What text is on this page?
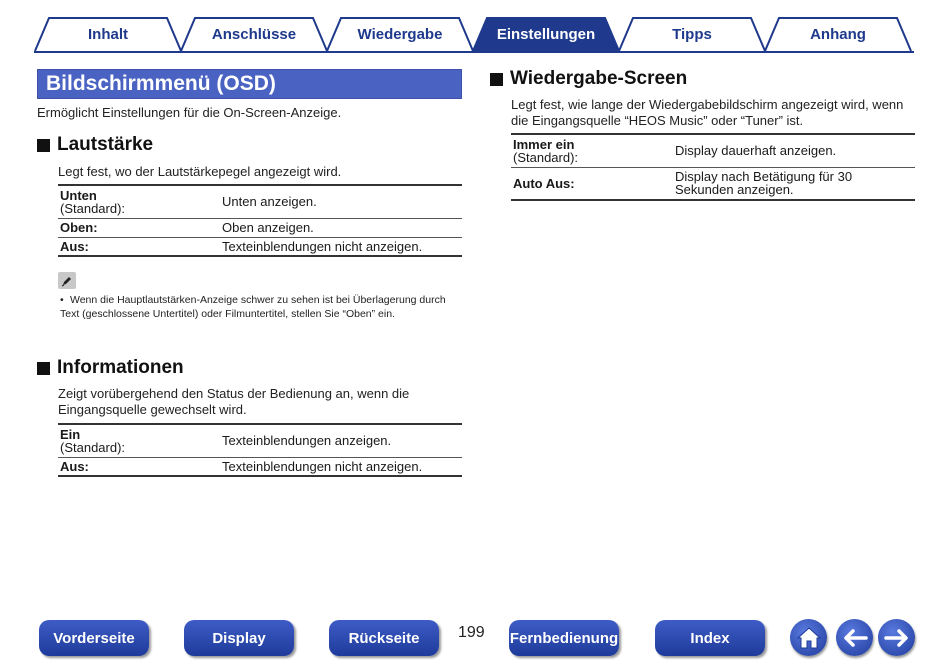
Inhalt	Anschlüsse	Wiedergabe	Einstellungen	Tipps	Anhang
Bildschirmmenü (OSD)
Ermöglicht Einstellungen für die On-Screen-Anzeige.
Lautstärke
Legt fest, wo der Lautstärkepegel angezeigt wird.
Unten
(Standard):	Unten anzeigen.
Oben:	Oben anzeigen.
Aus:	Texteinblendungen nicht anzeigen.
• Wenn die Hauptlautstärken-Anzeige schwer zu sehen ist bei Überlagerung durch Text (geschlossene Untertitel) oder Filmuntertitel, stellen Sie “Oben” ein.
Informationen
Zeigt vorübergehend den Status der Bedienung an, wenn die Eingangsquelle gewechselt wird.
Ein
(Standard):	Texteinblendungen anzeigen.
Aus:	Texteinblendungen nicht anzeigen.
Wiedergabe-Screen
Legt fest, wie lange der Wiedergabebildschirm angezeigt wird, wenn die Eingangsquelle “HEOS Music” oder “Tuner” ist.
Immer ein
(Standard):	Display dauerhaft anzeigen.
Auto Aus:	Display nach Betätigung für 30 Sekunden anzeigen.
Vorderseite	Display	Rückseite	199 Fernbedienung	Index
